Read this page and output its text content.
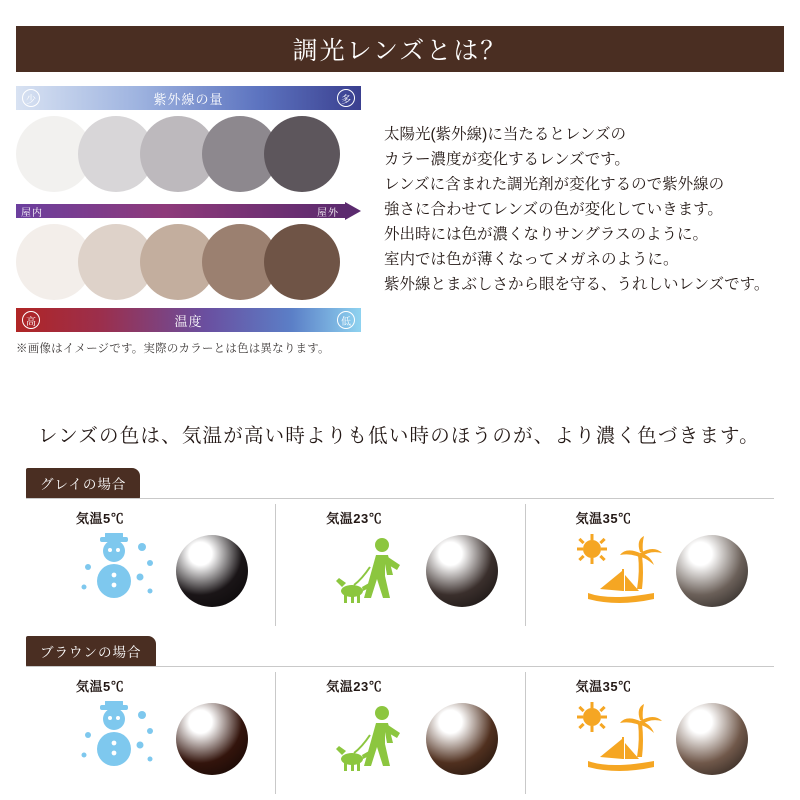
調光レンズとは？
少	紫外線の量	多
屋内	屋外
高	温度	低
※画像はイメージです。実際のカラーとは色は異なります。
太陽光(紫外線)に当たるとレンズの
カラー濃度が変化するレンズです。
レンズに含まれた調光剤が変化するので紫外線の
強さに合わせてレンズの色が変化していきます。
外出時には色が濃くなりサングラスのように。
室内では色が薄くなってメガネのように。
紫外線とまぶしさから眼を守る、うれしいレンズです。
レンズの色は、気温が高い時よりも低い時のほうのが、より濃く色づきます。
グレイの場合
気温5℃	気温23℃	気温35℃
ブラウンの場合
気温5℃	気温23℃	気温35℃
